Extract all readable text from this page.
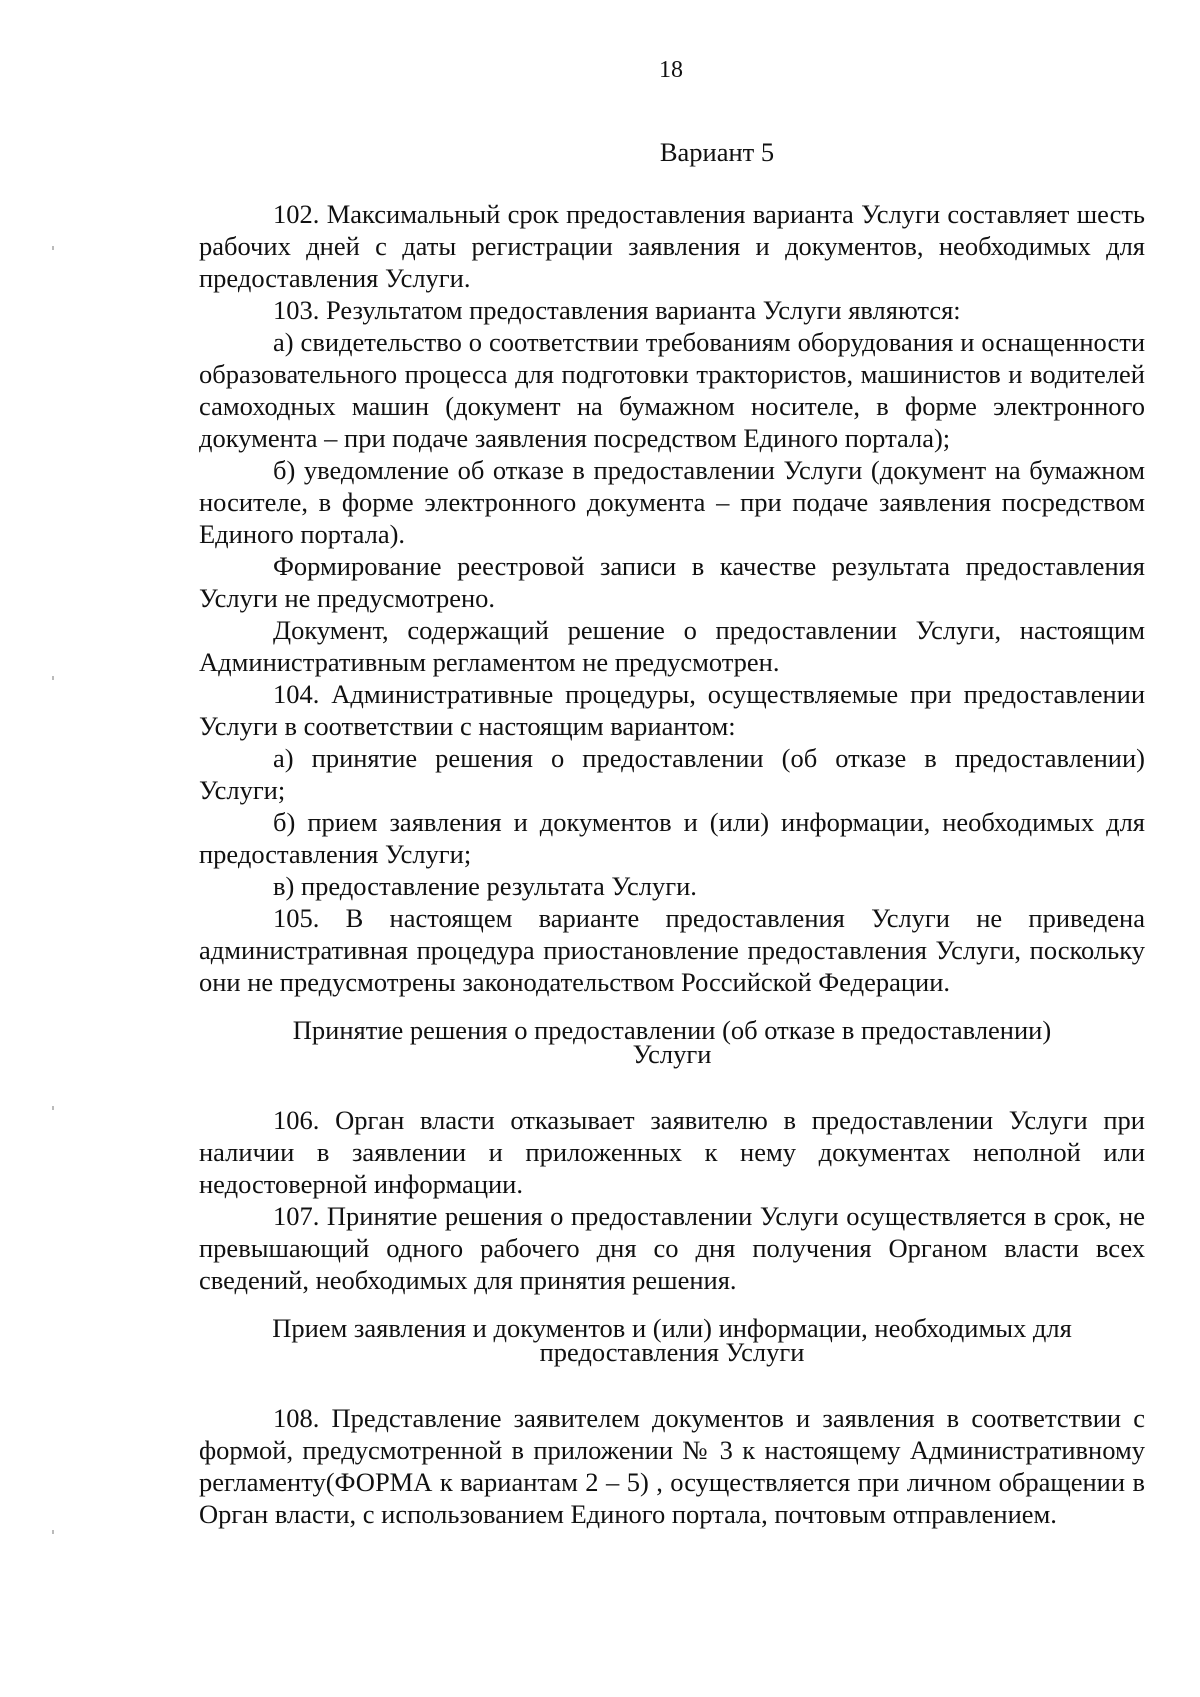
18
Вариант 5

102. Максимальный срок предоставления варианта Услуги составляет шесть рабочих дней с даты регистрации заявления и документов, необходимых для предоставления Услуги.

103. Результатом предоставления варианта Услуги являются:

а) свидетельство о соответствии требованиям оборудования и оснащенности образовательного процесса для подготовки трактористов, машинистов и водителей самоходных машин (документ на бумажном носителе, в форме электронного документа – при подаче заявления посредством Единого портала);

б) уведомление об отказе в предоставлении Услуги (документ на бумажном носителе, в форме электронного документа – при подаче заявления посредством Единого портала).

Формирование реестровой записи в качестве результата предоставления Услуги не предусмотрено.

Документ, содержащий решение о предоставлении Услуги, настоящим Административным регламентом не предусмотрен.

104. Административные процедуры, осуществляемые при предоставлении Услуги в соответствии с настоящим вариантом:

а) принятие решения о предоставлении (об отказе в предоставлении) Услуги;

б) прием заявления и документов и (или) информации, необходимых для предоставления Услуги;

в) предоставление результата Услуги.

105. В настоящем варианте предоставления Услуги не приведена административная процедура приостановление предоставления Услуги, поскольку они не предусмотрены законодательством Российской Федерации.

Принятие решения о предоставлении (об отказе в предоставлении)
Услуги

106. Орган власти отказывает заявителю в предоставлении Услуги при наличии в заявлении и приложенных к нему документах неполной или недостоверной информации.

107. Принятие решения о предоставлении Услуги осуществляется в срок, не превышающий одного рабочего дня со дня получения Органом власти всех сведений, необходимых для принятия решения.

Прием заявления и документов и (или) информации, необходимых для
предоставления Услуги

108. Представление заявителем документов и заявления в соответствии с формой, предусмотренной в приложении № 3 к настоящему Административному регламенту(ФОРМА к вариантам 2 – 5) , осуществляется при личном обращении в Орган власти, с использованием Единого портала, почтовым отправлением.
